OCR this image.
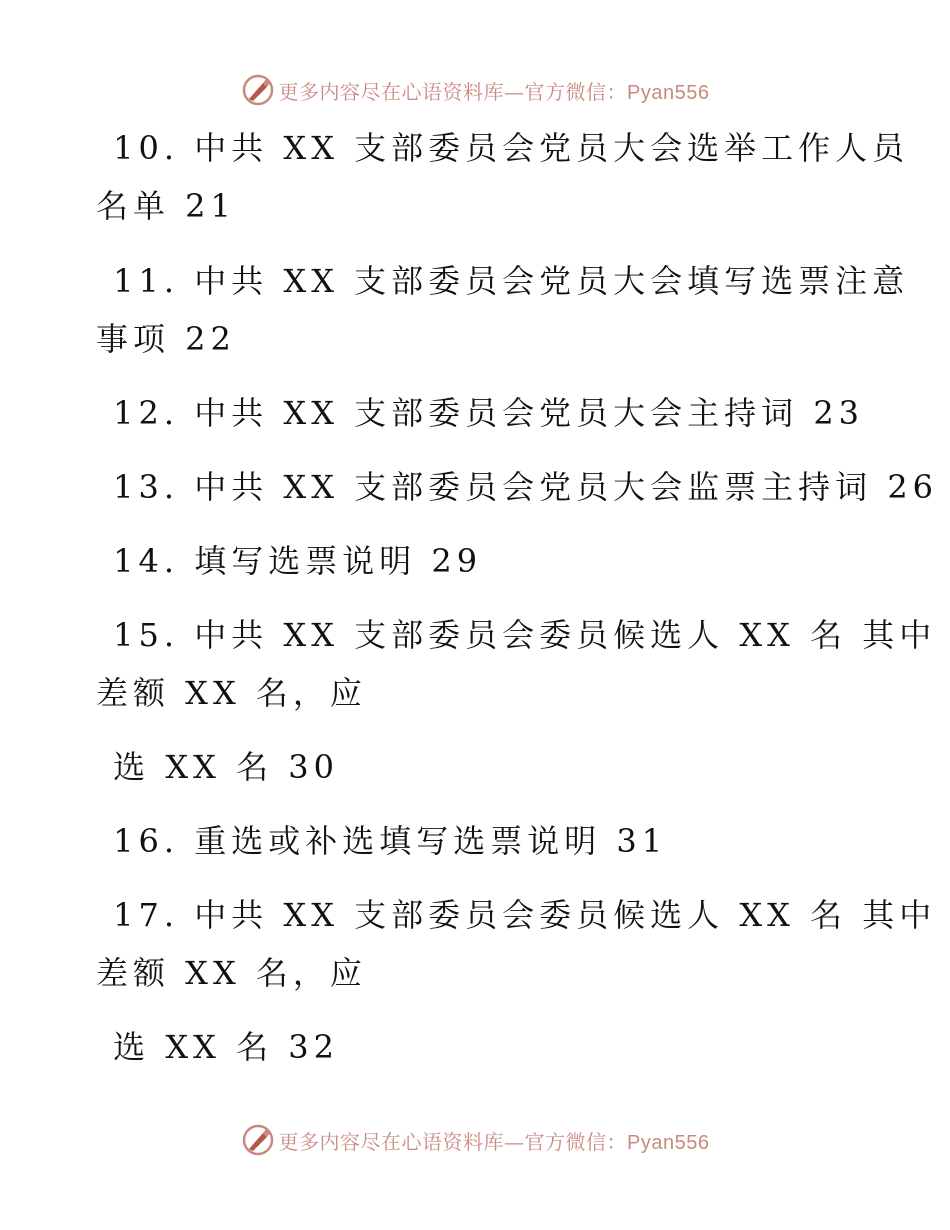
更多内容尽在心语资料库—官方微信：Pyan556
10. 中共 XX 支部委员会党员大会选举工作人员
名单 21
11. 中共 XX 支部委员会党员大会填写选票注意
事项 22
12. 中共 XX 支部委员会党员大会主持词 23
13. 中共 XX 支部委员会党员大会监票主持词 26
14. 填写选票说明 29
15. 中共 XX 支部委员会委员候选人 XX 名 其中
差额 XX 名，应
选 XX 名 30
16. 重选或补选填写选票说明 31
17. 中共 XX 支部委员会委员候选人 XX 名 其中
差额 XX 名，应
选 XX 名 32
更多内容尽在心语资料库—官方微信：Pyan556
